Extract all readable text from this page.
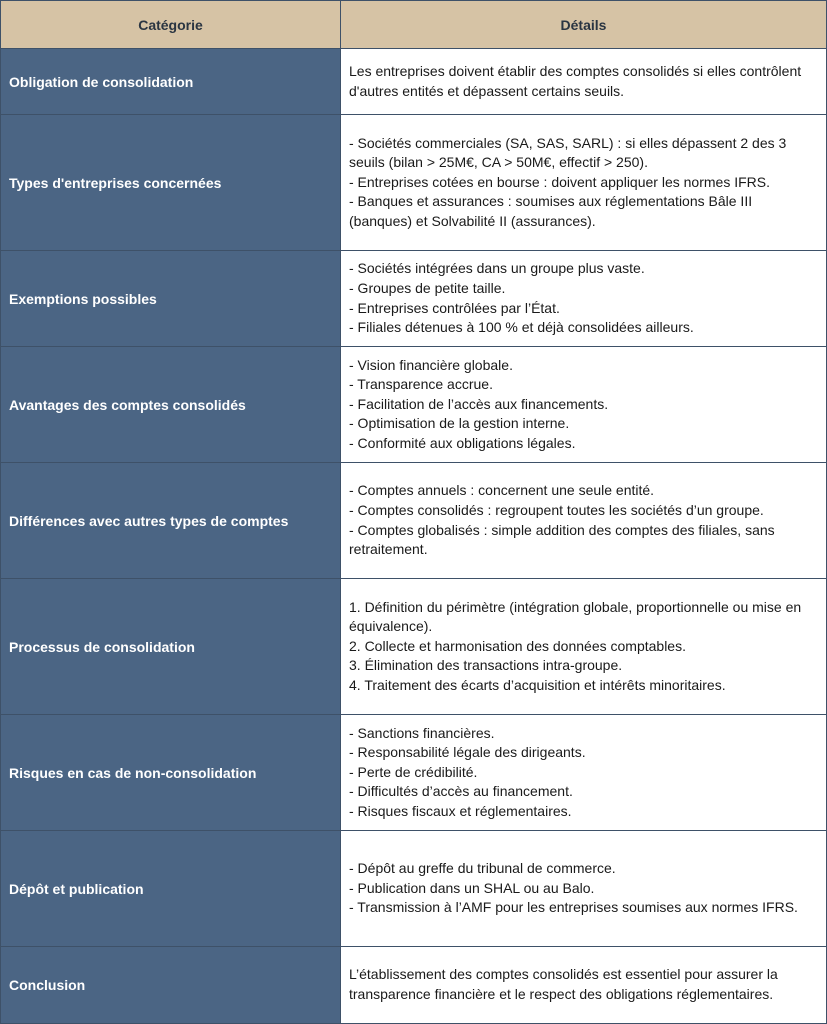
Catégorie	Détails
Obligation de consolidation
Les entreprises doivent établir des comptes consolidés si elles contrôlent d'autres entités et dépassent certains seuils.
Types d'entreprises concernées
- Sociétés commerciales (SA, SAS, SARL) : si elles dépassent 2 des 3 seuils (bilan > 25M€, CA > 50M€, effectif > 250).
- Entreprises cotées en bourse : doivent appliquer les normes IFRS.
- Banques et assurances : soumises aux réglementations Bâle III (banques) et Solvabilité II (assurances).
Exemptions possibles
- Sociétés intégrées dans un groupe plus vaste.
- Groupes de petite taille.
- Entreprises contrôlées par l’État.
- Filiales détenues à 100 % et déjà consolidées ailleurs.
Avantages des comptes consolidés
- Vision financière globale.
- Transparence accrue.
- Facilitation de l’accès aux financements.
- Optimisation de la gestion interne.
- Conformité aux obligations légales.
Différences avec autres types de comptes
- Comptes annuels : concernent une seule entité.
- Comptes consolidés : regroupent toutes les sociétés d’un groupe.
- Comptes globalisés : simple addition des comptes des filiales, sans retraitement.
Processus de consolidation
1. Définition du périmètre (intégration globale, proportionnelle ou mise en équivalence).
2. Collecte et harmonisation des données comptables.
3. Élimination des transactions intra-groupe.
4. Traitement des écarts d’acquisition et intérêts minoritaires.
Risques en cas de non-consolidation
- Sanctions financières.
- Responsabilité légale des dirigeants.
- Perte de crédibilité.
- Difficultés d’accès au financement.
- Risques fiscaux et réglementaires.
Dépôt et publication
- Dépôt au greffe du tribunal de commerce.
- Publication dans un SHAL ou au Balo.
- Transmission à l’AMF pour les entreprises soumises aux normes IFRS.
Conclusion
L’établissement des comptes consolidés est essentiel pour assurer la transparence financière et le respect des obligations réglementaires.
